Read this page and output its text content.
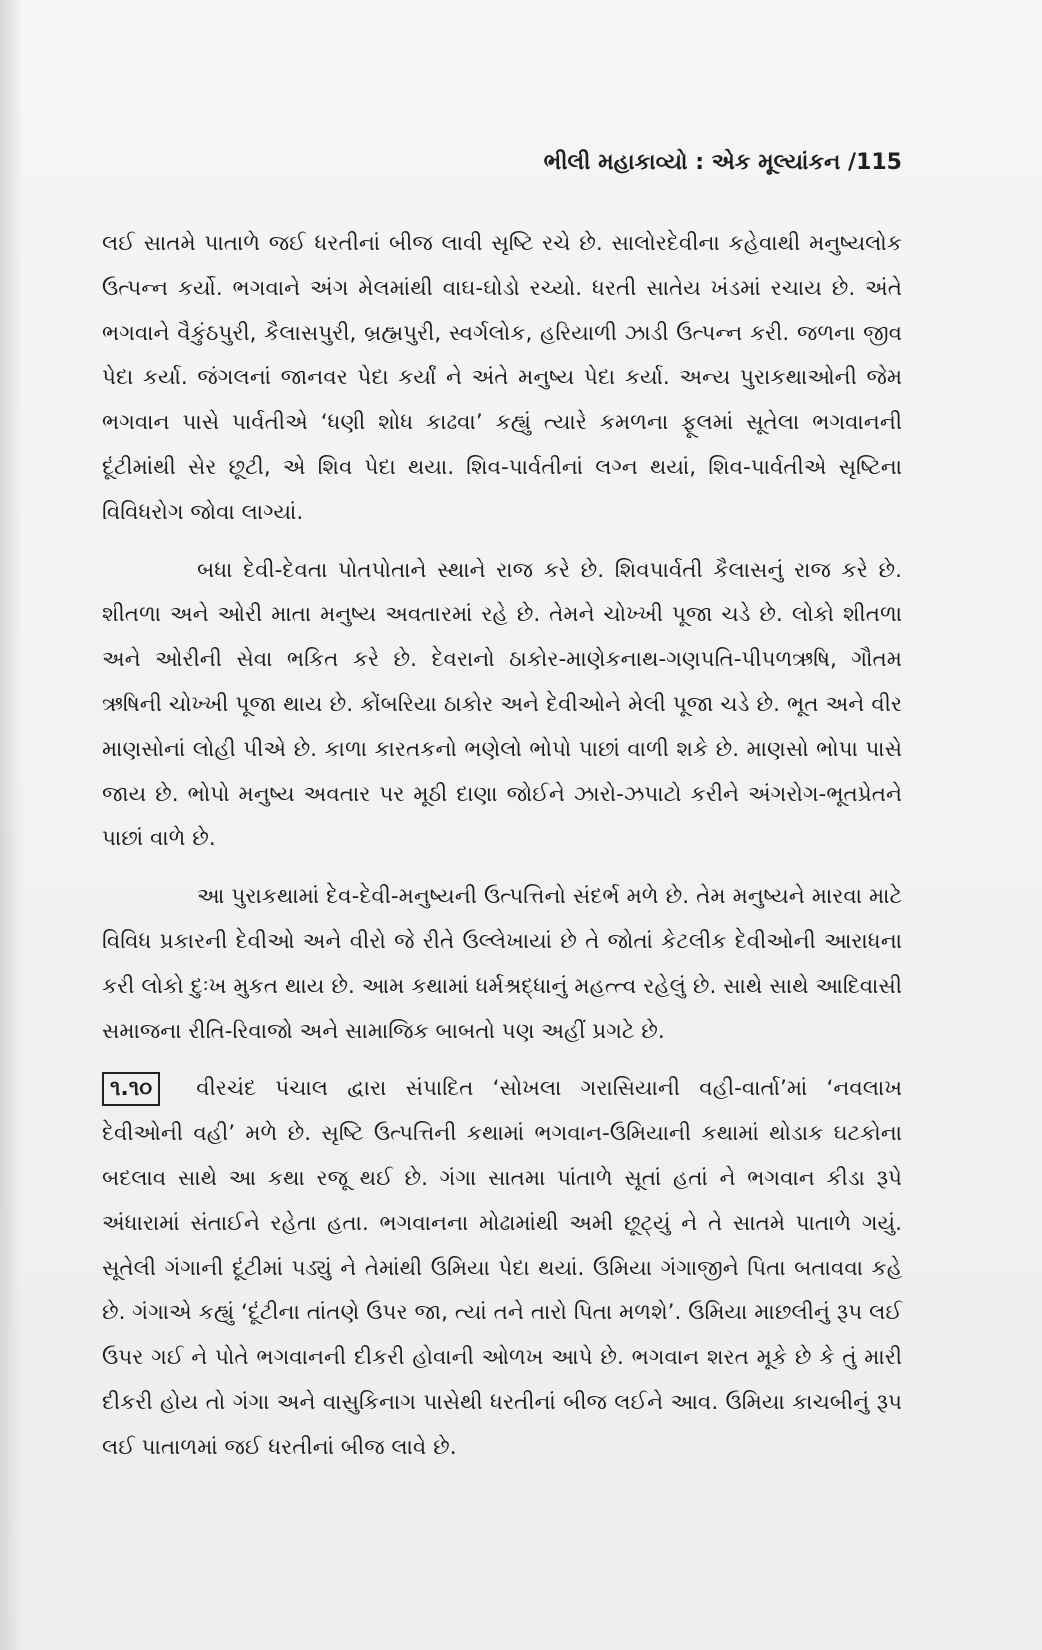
ભીલી મહાકાવ્યો : એક મૂલ્યાંકન /115

લઈ સાતમે પાતાળે જઈ ધરતીનાં બીજ લાવી સૃષ્ટિ રચે છે. સાલોરદેવીના કહેવાથી મનુષ્યલોક ઉત્પન્ન કર્યો. ભગવાને અંગ મેલમાંથી વાઘ-ઘોડો રચ્યો. ધરતી સાતેય ખંડમાં રચાય છે. અંતે ભગવાને વૈકુંઠપુરી, કૈલાસપુરી, બ્રહ્મપુરી, સ્વર્ગલોક, હરિયાળી ઝાડી ઉત્પન્ન કરી. જળના જીવ પેદા કર્યા. જંગલનાં જાનવર પેદા કર્યાં ને અંતે મનુષ્ય પેદા કર્યા. અન્ય પુરાકથાઓની જેમ ભગવાન પાસે પાર્વતીએ ‘ધણી શોધ કાઢવા’ કહ્યું ત્યારે કમળના ફૂલમાં સૂતેલા ભગવાનની દૂંટીમાંથી સેર છૂટી, એ શિવ પેદા થયા. શિવ-પાર્વતીનાં લગ્ન થયાં, શિવ-પાર્વતીએ સૃષ્ટિના વિવિધરોગ જોવા લાગ્યાં.

બધા દેવી-દેવતા પોતપોતાને સ્થાને રાજ કરે છે. શિવપાર્વતી કૈલાસનું રાજ કરે છે. શીતળા અને ઓરી માતા મનુષ્ય અવતારમાં રહે છે. તેમને ચોખ્ખી પૂજા ચડે છે. લોકો શીતળા અને ઓરીની સેવા ભકિત કરે છે. દેવરાનો ઠાકોર-માણેકનાથ-ગણપતિ-પીપળઋષિ, ગૌતમ ઋષિની ચોખ્ખી પૂજા થાય છે. કોંબરિયા ઠાકોર અને દેવીઓને મેલી પૂજા ચડે છે. ભૂત અને વીર માણસોનાં લોહી પીએ છે. કાળા કારતકનો ભણેલો ભોપો પાછાં વાળી શકે છે. માણસો ભોપા પાસે જાય છે. ભોપો મનુષ્ય અવતાર પર મૂઠી દાણા જોઈને ઝારો-ઝપાટો કરીને અંગરોગ-ભૂતપ્રેતને પાછાં વાળે છે.

આ પુરાકથામાં દેવ-દેવી-મનુષ્યની ઉત્પત્તિનો સંદર્ભ મળે છે. તેમ મનુષ્યને મારવા માટે વિવિધ પ્રકારની દેવીઓ અને વીરો જે રીતે ઉલ્લેખાયાં છે તે જોતાં કેટલીક દેવીઓની આરાધના કરી લોકો દુઃખ મુકત થાય છે. આમ કથામાં ધર્મશ્રદ્ધાનું મહત્ત્વ રહેલું છે. સાથે સાથે આદિવાસી સમાજના રીતિ-રિવાજો અને સામાજિક બાબતો પણ અહીં પ્રગટે છે.

૧.૧૦ વીરચંદ પંચાલ દ્વારા સંપાદિત ‘સોખલા ગરાસિયાની વહી-વાર્તા’માં ‘નવલાખ દેવીઓની વહી’ મળે છે. સૃષ્ટિ ઉત્પત્તિની કથામાં ભગવાન-ઉમિયાની કથામાં થોડાક ઘટકોના બદલાવ સાથે આ કથા રજૂ થઈ છે. ગંગા સાતમા પાંતાળે સૂતાં હતાં ને ભગવાન કીડા રૂપે અંધારામાં સંતાઈને રહેતા હતા. ભગવાનના મોઢામાંથી અમી છૂટ્યું ને તે સાતમે પાતાળે ગયું. સૂતેલી ગંગાની દૂંટીમાં પડ્યું ને તેમાંથી ઉમિયા પેદા થયાં. ઉમિયા ગંગાજીને પિતા બતાવવા કહે છે. ગંગાએ કહ્યું ‘દૂંટીના તાંતણે ઉપર જા, ત્યાં તને તારો પિતા મળશે’. ઉમિયા માછલીનું રૂપ લઈ ઉપર ગઈ ને પોતે ભગવાનની દીકરી હોવાની ઓળખ આપે છે. ભગવાન શરત મૂકે છે કે તું મારી દીકરી હોય તો ગંગા અને વાસુકિનાગ પાસેથી ધરતીનાં બીજ લઈને આવ. ઉમિયા કાચબીનું રૂપ લઈ પાતાળમાં જઈ ધરતીનાં બીજ લાવે છે.
